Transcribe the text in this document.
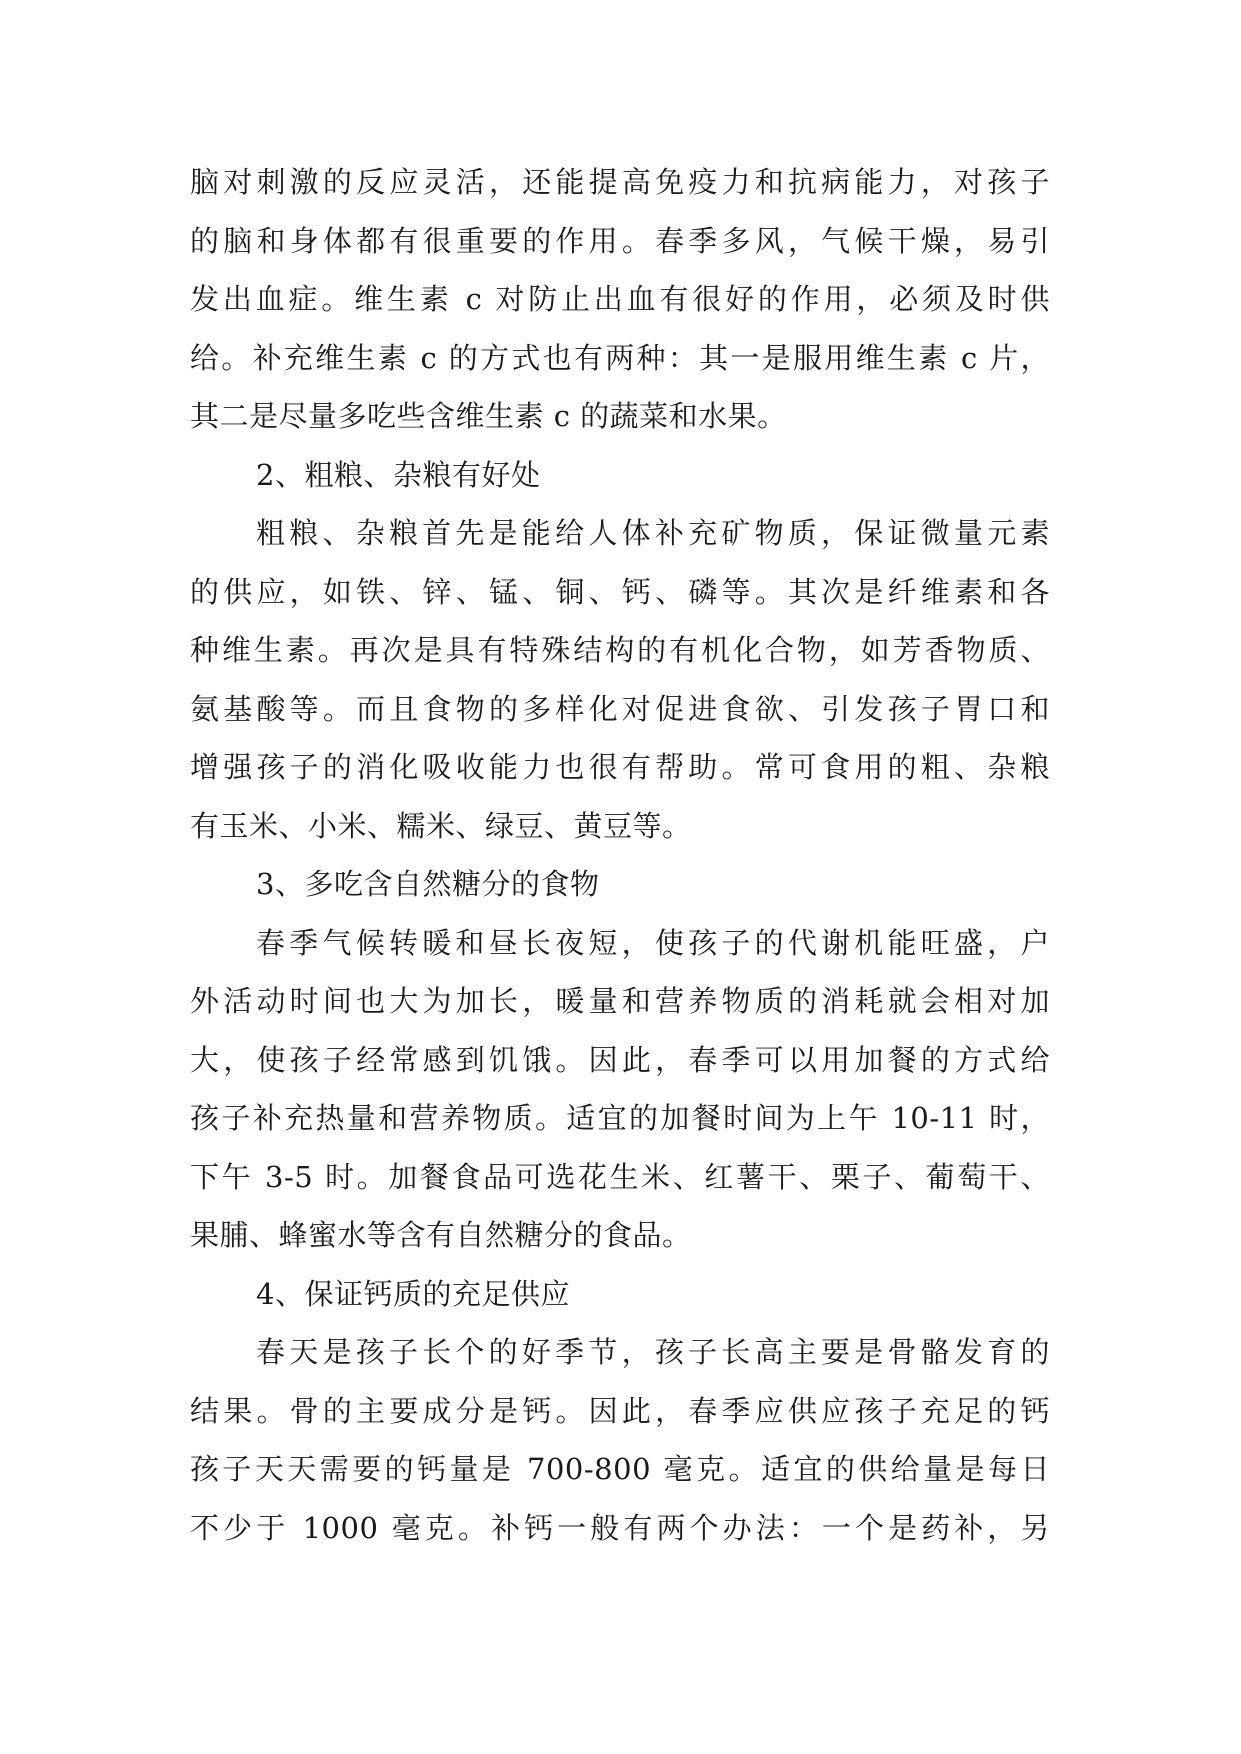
脑对刺激的反应灵活，还能提高免疫力和抗病能力，对孩子
的脑和身体都有很重要的作用。春季多风，气候干燥，易引
发出血症。维生素 c 对防止出血有很好的作用，必须及时供
给。补充维生素 c 的方式也有两种：其一是服用维生素 c 片，
其二是尽量多吃些含维生素 c 的蔬菜和水果。
2、粗粮、杂粮有好处
粗粮、杂粮首先是能给人体补充矿物质，保证微量元素
的供应，如铁、锌、锰、铜、钙、磷等。其次是纤维素和各
种维生素。再次是具有特殊结构的有机化合物，如芳香物质、
氨基酸等。而且食物的多样化对促进食欲、引发孩子胃口和
增强孩子的消化吸收能力也很有帮助。常可食用的粗、杂粮
有玉米、小米、糯米、绿豆、黄豆等。
3、多吃含自然糖分的食物
春季气候转暖和昼长夜短，使孩子的代谢机能旺盛，户
外活动时间也大为加长，暖量和营养物质的消耗就会相对加
大，使孩子经常感到饥饿。因此，春季可以用加餐的方式给
孩子补充热量和营养物质。适宜的加餐时间为上午 10-11 时，
下午 3-5 时。加餐食品可选花生米、红薯干、栗子、葡萄干、
果脯、蜂蜜水等含有自然糖分的食品。
4、保证钙质的充足供应
春天是孩子长个的好季节，孩子长高主要是骨骼发育的
结果。骨的主要成分是钙。因此，春季应供应孩子充足的钙
孩子天天需要的钙量是 700-800 毫克。适宜的供给量是每日
不少于 1000 毫克。补钙一般有两个办法：一个是药补，另
